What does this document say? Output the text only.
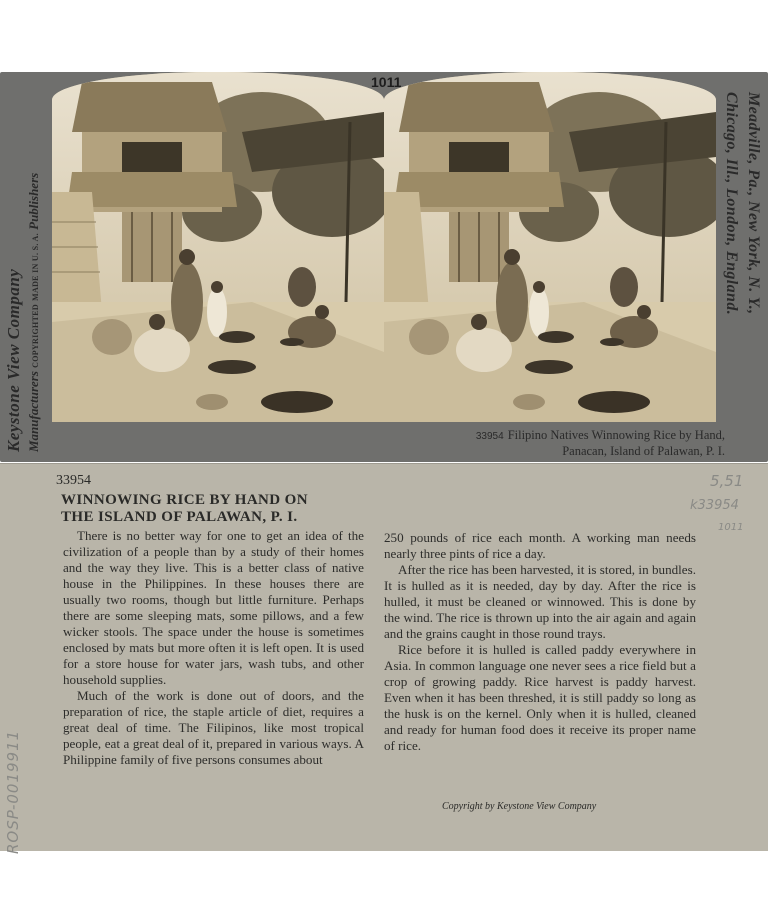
Keystone View Company Manufacturers COPYRIGHTED MADE IN U. S. A. Publishers
1011
Meadville, Pa., New York, N. Y.,
Chicago, Ill., London, England.
33954 Filipino Natives Winnowing Rice by Hand,
Panacan, Island of Palawan, P. I.
33954
WINNOWING RICE BY HAND ON
THE ISLAND OF PALAWAN, P. I.

There is no better way for one to get an idea of the civilization of a people than by a study of their homes and the way they live. This is a better class of native house in the Philippines. In these houses there are usually two rooms, though but little furniture. Perhaps there are some sleeping mats, some pillows, and a few wicker stools. The space under the house is sometimes enclosed by mats but more often it is left open. It is used for a store house for water jars, wash tubs, and other household supplies.

Much of the work is done out of doors, and the preparation of rice, the staple article of diet, requires a great deal of time. The Filipinos, like most tropical people, eat a great deal of it, prepared in various ways. A Philippine family of five persons consumes about

250 pounds of rice each month. A working man needs nearly three pints of rice a day.

After the rice has been harvested, it is stored, in bundles. It is hulled as it is needed, day by day. After the rice is hulled, it must be cleaned or winnowed. This is done by the wind. The rice is thrown up into the air again and again and the grains caught in those round trays.

Rice before it is hulled is called paddy everywhere in Asia. In common language one never sees a rice field but a crop of growing paddy. Rice harvest is paddy harvest. Even when it has been threshed, it is still paddy so long as the husk is on the kernel. Only when it is hulled, cleaned and ready for human food does it receive its proper name of rice.

Copyright by Keystone View Company
ROSP-0019911
5,51
k33954
1011
